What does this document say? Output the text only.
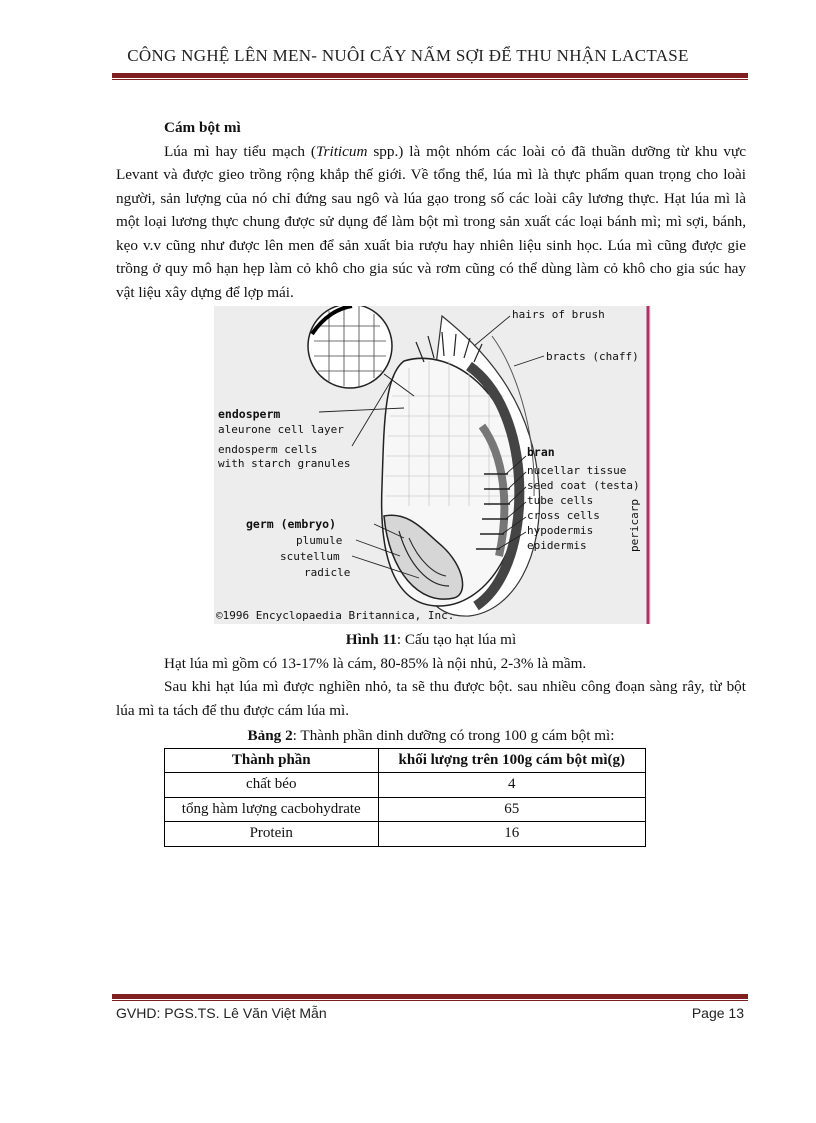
CÔNG NGHỆ LÊN MEN- NUÔI CẤY NẤM SỢI ĐỂ THU NHẬN LACTASE
Cám bột mì

Lúa mì hay tiểu mạch (Triticum spp.) là một nhóm các loài cỏ đã thuần dưỡng từ khu vực Levant và được gieo trồng rộng khắp thế giới. Về tổng thể, lúa mì là thực phẩm quan trọng cho loài người, sản lượng của nó chỉ đứng sau ngô và lúa gạo trong số các loài cây lương thực. Hạt lúa mì là một loại lương thực chung được sử dụng để làm bột mì trong sản xuất các loại bánh mì; mì sợi, bánh, kẹo v.v cũng như được lên men để sản xuất bia rượu hay nhiên liệu sinh học. Lúa mì cũng được gie trồng ở quy mô hạn hẹp làm cỏ khô cho gia súc và rơm cũng có thể dùng làm cỏ khô cho gia súc hay vật liệu xây dựng để lợp mái.

hairs of brush
bracts (chaff)
endosperm
aleurone cell layer
endosperm cells
with starch granules
bran
nucellar tissue
seed coat (testa)
tube cells
cross cells
hypodermis
epidermis	pericarp
germ (embryo)
plumule
scutellum
radicle
©1996 Encyclopaedia Britannica, Inc.
Hình 11: Cấu tạo hạt lúa mì

Hạt lúa mì gồm có 13-17% là cám, 80-85% là nội nhủ, 2-3% là mầm.

Sau khi hạt lúa mì được nghiền nhỏ, ta sẽ thu được bột. sau nhiều công đoạn sàng rây, từ bột lúa mì ta tách để thu được cám lúa mì.

Bảng 2: Thành phần dinh dưỡng có trong 100 g cám bột mì:
Thành phần	khối lượng trên 100g cám bột mì(g)
chất béo	4
tổng hàm lượng cacbohydrate	65
Protein	16
GVHD: PGS.TS. Lê Văn Việt Mẫn	Page 13
